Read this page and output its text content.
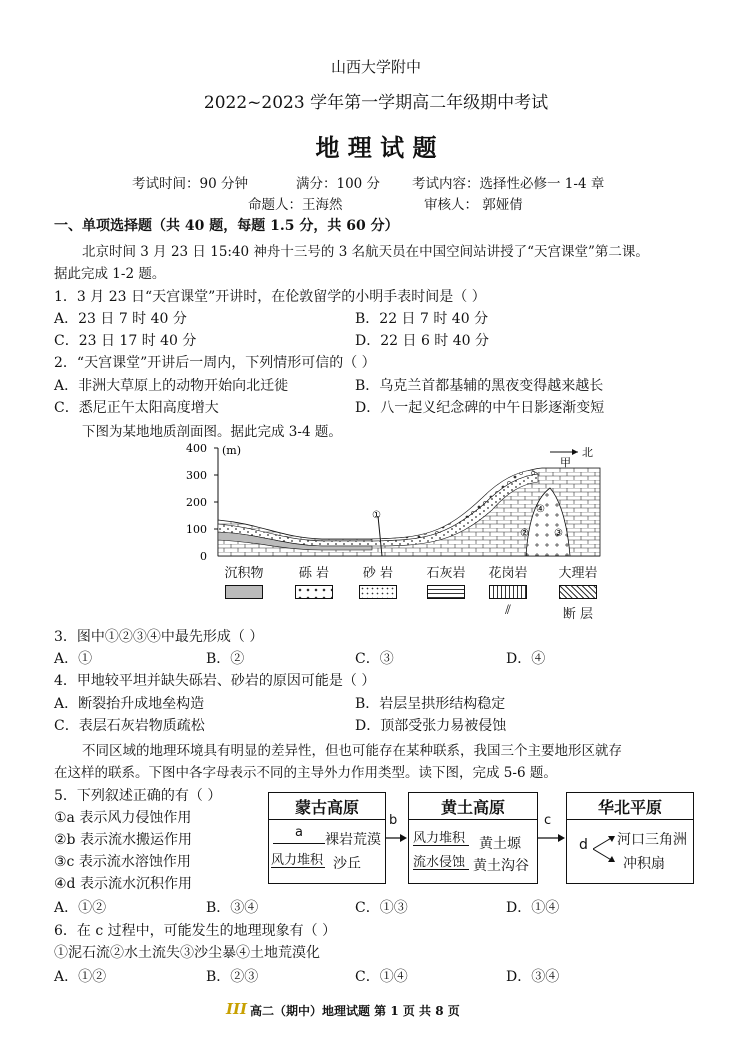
山西大学附中
2022~2023 学年第一学期高二年级期中考试
地 理 试 题
考试时间：90 分钟	满分：100 分 考试内容：选择性必修一 1-4 章
命题人：王海然	审核人： 郭娅倩
一、单项选择题（共 40 题，每题 1.5 分，共 60 分）
北京时间 3 月 23 日 15:40 神舟十三号的 3 名航天员在中国空间站讲授了“天宫课堂”第二课。
据此完成 1-2 题。
1．3 月 23 日“天宫课堂”开讲时，在伦敦留学的小明手表时间是（ ）
A．23 日 7 时 40 分	B．22 日 7 时 40 分
C．23 日 17 时 40 分	D．22 日 6 时 40 分
2．“天宫课堂”开讲后一周内，下列情形可信的（ ）
A．非洲大草原上的动物开始向北迁徙	B．乌克兰首都基辅的黑夜变得越来越长
C．悉尼正午太阳高度增大	D．八一起义纪念碑的中午日影逐渐变短
下图为某地地质剖面图。据此完成 3-4 题。
400
300
200
100
0
(m)
①
②	③
④
北
甲
沉积物	砾 岩	砂 岩	石灰岩	花岗岩
⫽
大理岩
断 层
3．图中①②③④中最先形成（ ）
A．①	B．②	C．③	D．④
4．甲地较平坦并缺失砾岩、砂岩的原因可能是（ ）
A．断裂抬升成地垒构造	B．岩层呈拱形结构稳定
C．表层石灰岩物质疏松	D．顶部受张力易被侵蚀
不同区域的地理环境具有明显的差异性，但也可能存在某种联系，我国三个主要地形区就存
在这样的联系。下图中各字母表示不同的主导外力作用类型。读下图，完成 5-6 题。
5．下列叙述正确的有（ ）
①a 表示风力侵蚀作用
②b 表示流水搬运作用
③c 表示流水溶蚀作用
④d 表示流水沉积作用
A．①②	B．③④	C．①③	D．①④
蒙古高原
a
风力堆积
裸岩荒漠
沙丘
b
黄土高原
风力堆积
流水侵蚀
黄土塬
黄土沟谷
c
华北平原
d 河口三角洲
冲积扇
6．在 c 过程中，可能发生的地理现象有（ ）
①泥石流②水土流失③沙尘暴④土地荒漠化
A．①②	B．②③	C．①④	D．③④
III 高二（期中）地理试题 第 1 页 共 8 页
